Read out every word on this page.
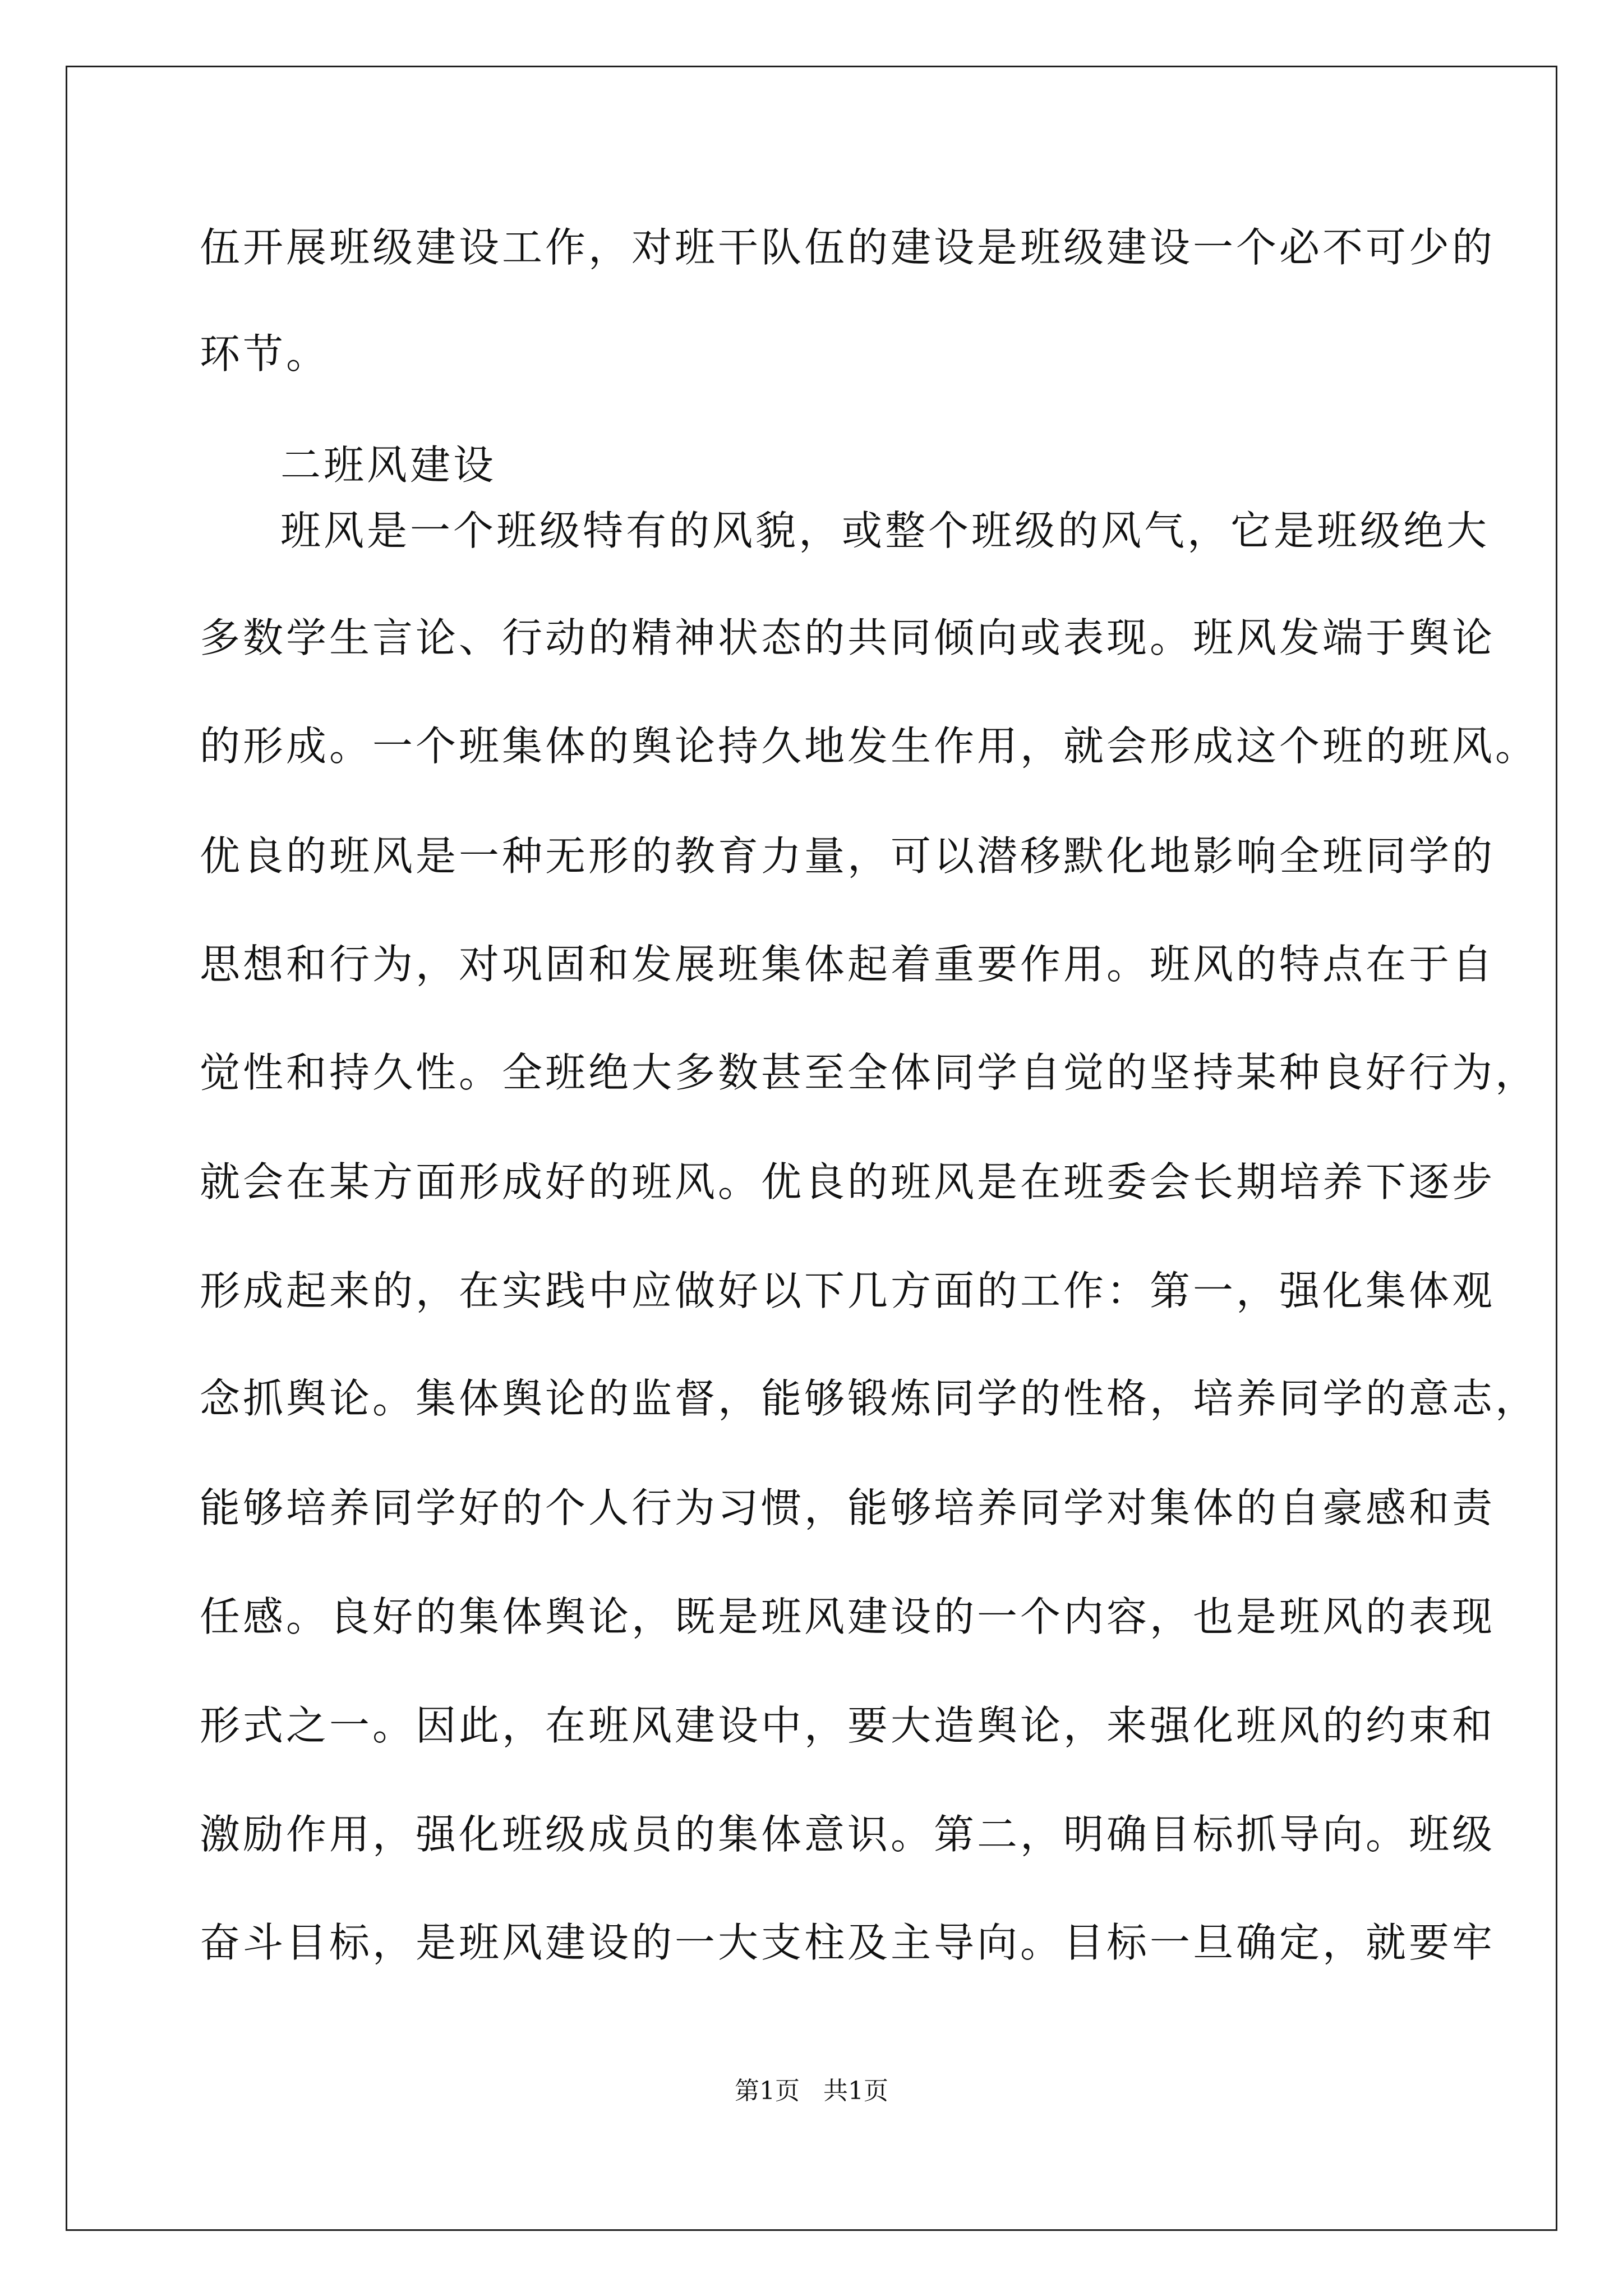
伍开展班级建设工作，对班干队伍的建设是班级建设一个必不可少的
环节。
二班风建设
班风是一个班级特有的风貌，或整个班级的风气，它是班级绝大
多数学生言论、行动的精神状态的共同倾向或表现。班风发端于舆论
的形成。一个班集体的舆论持久地发生作用，就会形成这个班的班风。
优良的班风是一种无形的教育力量，可以潜移默化地影响全班同学的
思想和行为，对巩固和发展班集体起着重要作用。班风的特点在于自
觉性和持久性。全班绝大多数甚至全体同学自觉的坚持某种良好行为，
就会在某方面形成好的班风。优良的班风是在班委会长期培养下逐步
形成起来的，在实践中应做好以下几方面的工作：第一，强化集体观
念抓舆论。集体舆论的监督，能够锻炼同学的性格，培养同学的意志，
能够培养同学好的个人行为习惯，能够培养同学对集体的自豪感和责
任感。良好的集体舆论，既是班风建设的一个内容，也是班风的表现
形式之一。因此，在班风建设中，要大造舆论，来强化班风的约束和
激励作用，强化班级成员的集体意识。第二，明确目标抓导向。班级
奋斗目标，是班风建设的一大支柱及主导向。目标一旦确定，就要牢
第1页   共1页
